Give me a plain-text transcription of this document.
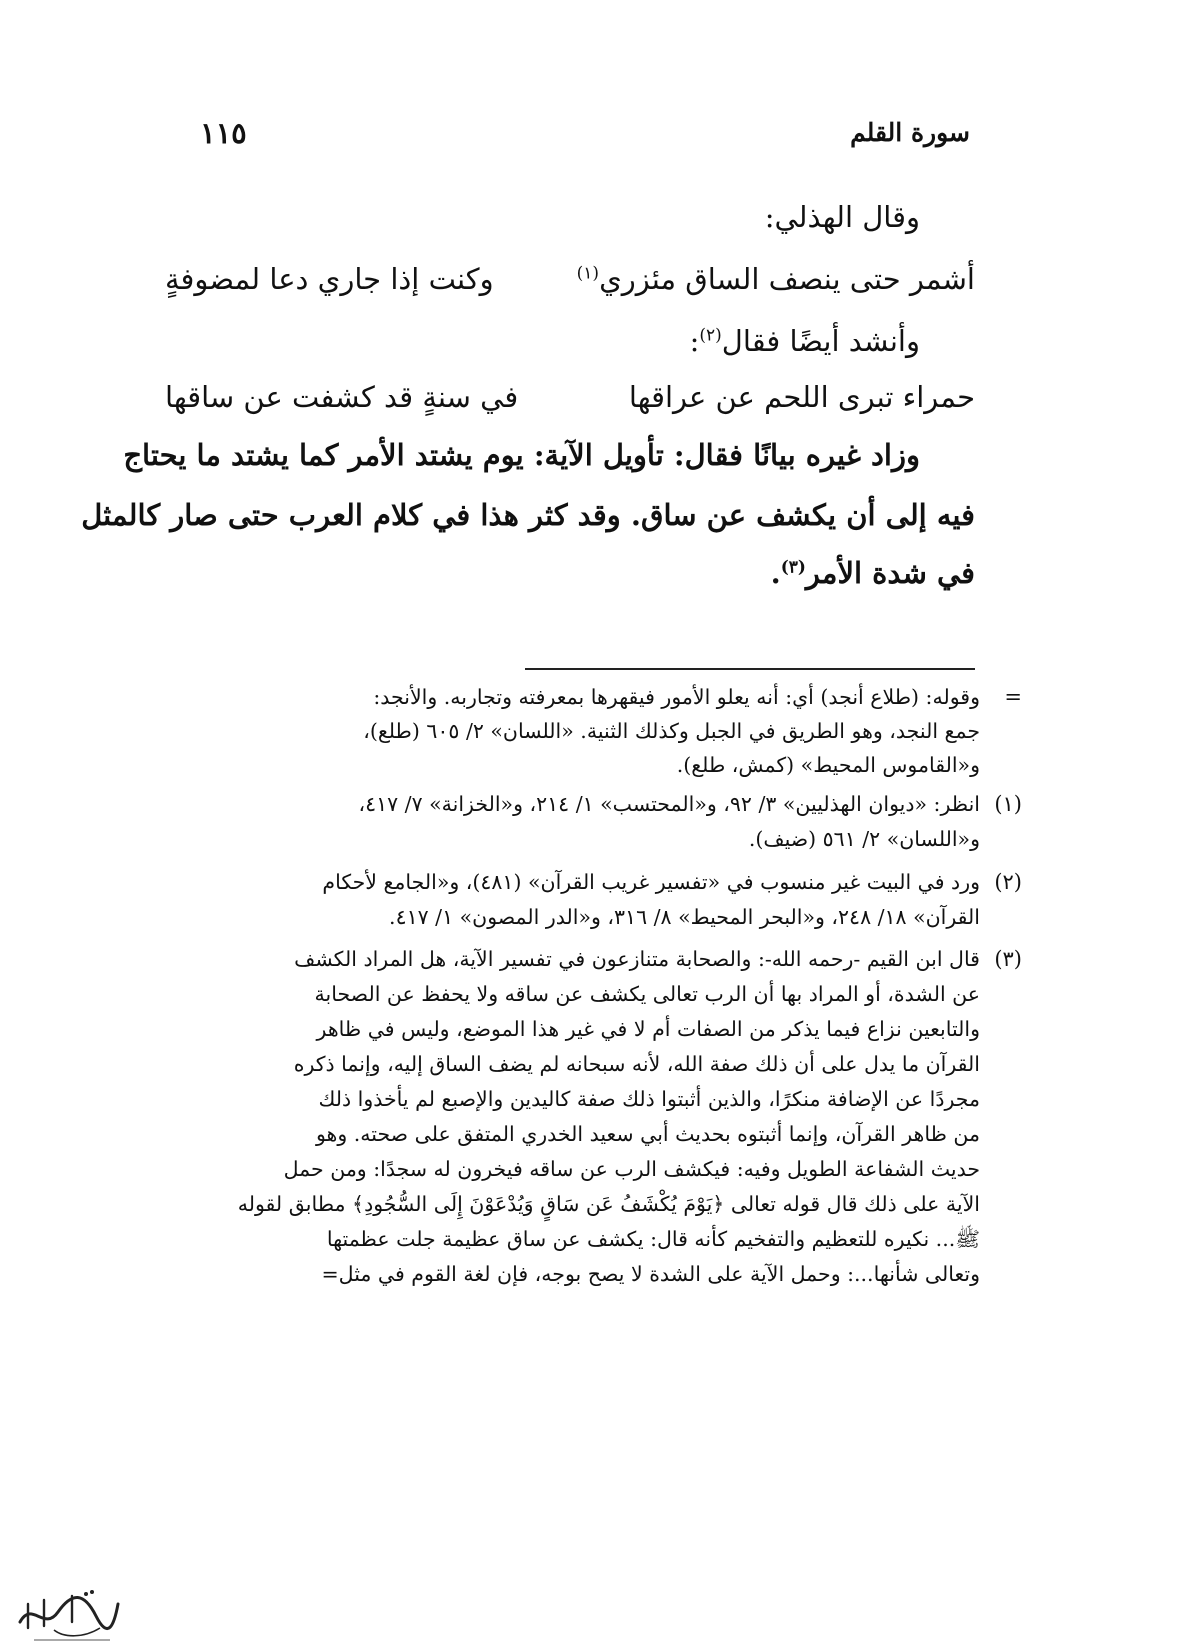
سورة القلم
١١٥
وقال الهذلي:
وكنت إذا جاري دعا لمضوفةٍ	أشمر حتى ينصف الساق مئزري$^{(١)}$
وأنشد أيضًا فقال$^{(٢)}$:
في سنةٍ قد كشفت عن ساقها	حمراء تبرى اللحم عن عراقها
وزاد غيره بيانًا فقال: تأويل الآية: يوم يشتد الأمر كما يشتد ما يحتاج
فيه إلى أن يكشف عن ساق. وقد كثر هذا في كلام العرب حتى صار كالمثل
في شدة الأمر$^{(٣)}$.
=
وقوله: (طلاع أنجد) أي: أنه يعلو الأمور فيقهرها بمعرفته وتجاربه. والأنجد:
جمع النجد، وهو الطريق في الجبل وكذلك الثنية. «اللسان» ٢/ ٦٠٥ (طلع)،
و«القاموس المحيط» (كمش، طلع).
(١)
انظر: «ديوان الهذليين» ٣/ ٩٢، و«المحتسب» ١/ ٢١٤، و«الخزانة» ٧/ ٤١٧،
و«اللسان» ٢/ ٥٦١ (ضيف).
(٢)
ورد في البيت غير منسوب في «تفسير غريب القرآن» (٤٨١)، و«الجامع لأحكام
القرآن» ١٨/ ٢٤٨، و«البحر المحيط» ٨/ ٣١٦، و«الدر المصون» ١/ ٤١٧.
(٣)
قال ابن القيم -رحمه الله-: والصحابة متنازعون في تفسير الآية، هل المراد الكشف
عن الشدة، أو المراد بها أن الرب تعالى يكشف عن ساقه ولا يحفظ عن الصحابة
والتابعين نزاع فيما يذكر من الصفات أم لا في غير هذا الموضع، وليس في ظاهر
القرآن ما يدل على أن ذلك صفة الله، لأنه سبحانه لم يضف الساق إليه، وإنما ذكره
مجردًا عن الإضافة منكرًا، والذين أثبتوا ذلك صفة كاليدين والإصبع لم يأخذوا ذلك
من ظاهر القرآن، وإنما أثبتوه بحديث أبي سعيد الخدري المتفق على صحته. وهو
حديث الشفاعة الطويل وفيه: فيكشف الرب عن ساقه فيخرون له سجدًا: ومن حمل
الآية على ذلك قال قوله تعالى ﴿يَوْمَ يُكْشَفُ عَن سَاقٍ وَيُدْعَوْنَ إِلَى السُّجُودِ﴾ مطابق لقوله
ﷺ... نكيره للتعظيم والتفخيم كأنه قال: يكشف عن ساق عظيمة جلت عظمتها
وتعالى شأنها...: وحمل الآية على الشدة لا يصح بوجه، فإن لغة القوم في مثل=
